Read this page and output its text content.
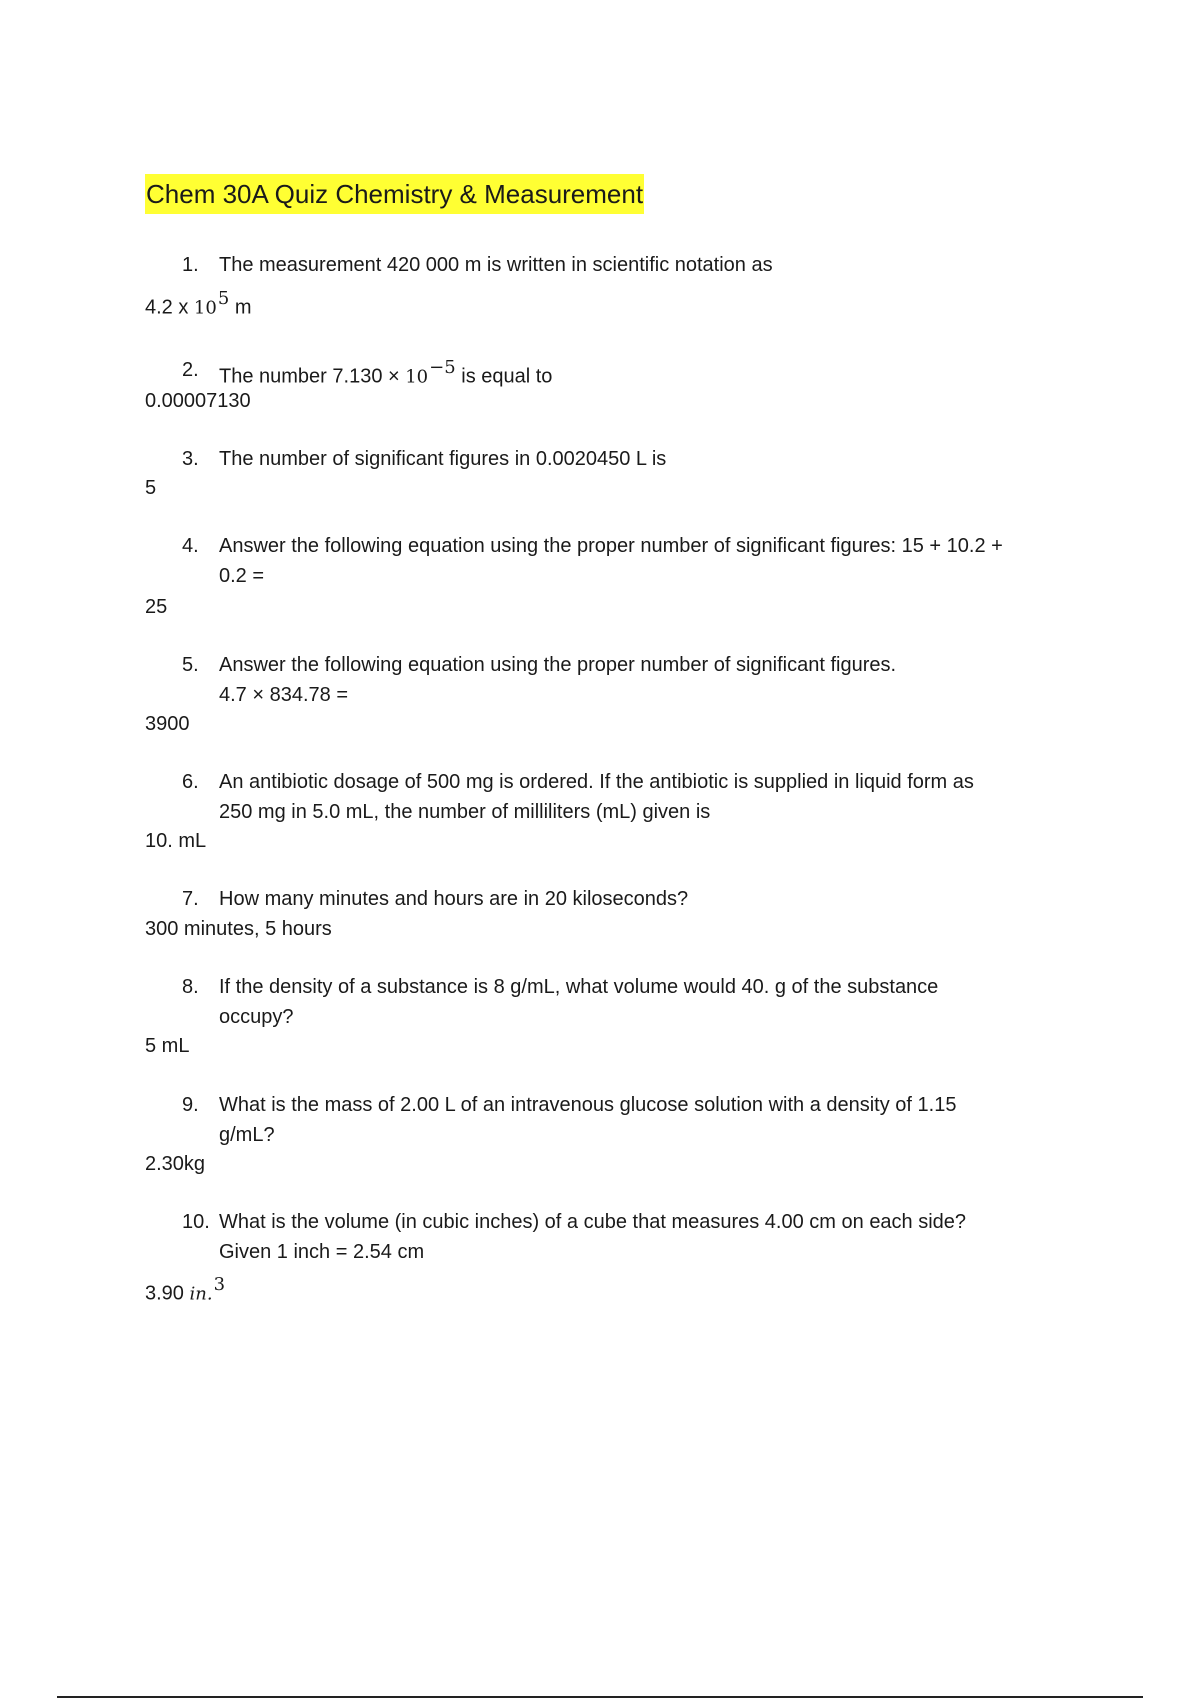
Chem 30A Quiz Chemistry & Measurement
1. The measurement 420 000 m is written in scientific notation as
4.2 x $10^5$ m
2. The number $7.130 \times 10^{-5}$ is equal to
0.00007130
3. The number of significant figures in 0.0020450 L is
5
4. Answer the following equation using the proper number of significant figures: 15 + 10.2 +
0.2 =
25
5. Answer the following equation using the proper number of significant figures.
4.7 × 834.78 =
3900
6. An antibiotic dosage of 500 mg is ordered. If the antibiotic is supplied in liquid form as
250 mg in 5.0 mL, the number of milliliters (mL) given is
10. mL
7. How many minutes and hours are in 20 kiloseconds?
300 minutes, 5 hours
8. If the density of a substance is 8 g/mL, what volume would 40. g of the substance
occupy?
5 mL
9. What is the mass of 2.00 L of an intravenous glucose solution with a density of 1.15
g/mL?
2.30kg
10. What is the volume (in cubic inches) of a cube that measures 4.00 cm on each side?
Given 1 inch = 2.54 cm
3.90 in.$^3$
